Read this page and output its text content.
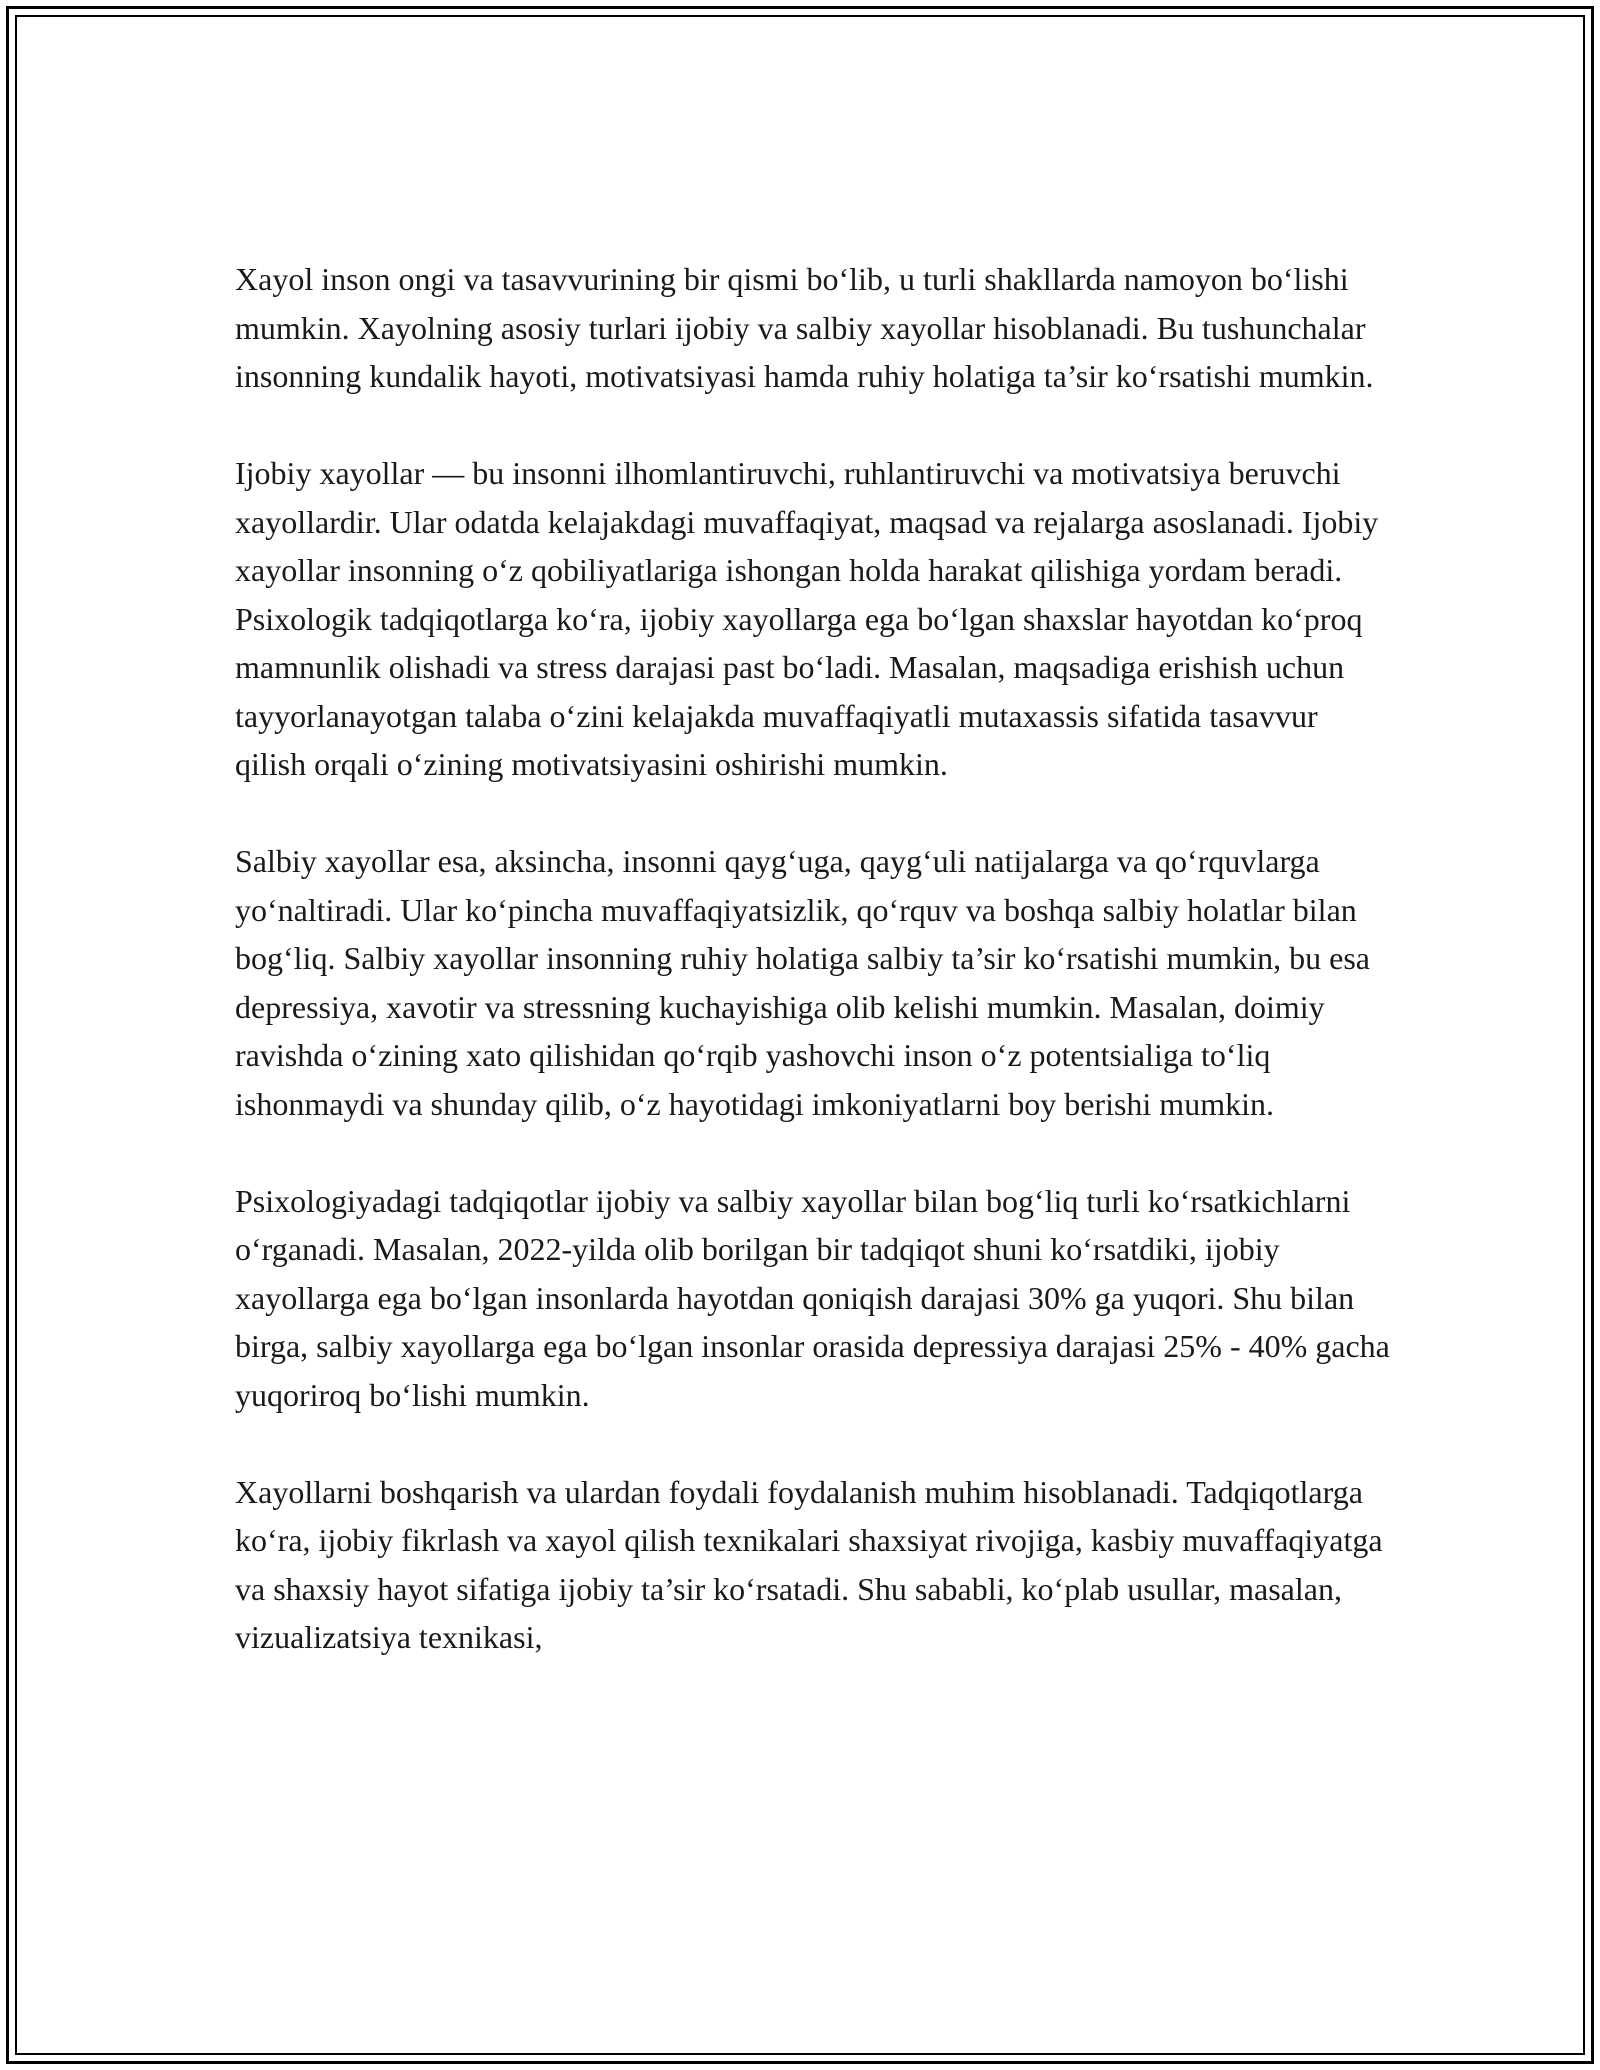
Xayol inson ongi va tasavvurining bir qismi bo‘lib, u turli shakllarda namoyon bo‘lishi mumkin. Xayolning asosiy turlari ijobiy va salbiy xayollar hisoblanadi. Bu tushunchalar insonning kundalik hayoti, motivatsiyasi hamda ruhiy holatiga ta’sir ko‘rsatishi mumkin.

Ijobiy xayollar — bu insonni ilhomlantiruvchi, ruhlantiruvchi va motivatsiya beruvchi xayollardir. Ular odatda kelajakdagi muvaffaqiyat, maqsad va rejalarga asoslanadi. Ijobiy xayollar insonning o‘z qobiliyatlariga ishongan holda harakat qilishiga yordam beradi. Psixologik tadqiqotlarga ko‘ra, ijobiy xayollarga ega bo‘lgan shaxslar hayotdan ko‘proq mamnunlik olishadi va stress darajasi past bo‘ladi. Masalan, maqsadiga erishish uchun tayyorlanayotgan talaba o‘zini kelajakda muvaffaqiyatli mutaxassis sifatida tasavvur qilish orqali o‘zining motivatsiyasini oshirishi mumkin.

Salbiy xayollar esa, aksincha, insonni qayg‘uga, qayg‘uli natijalarga va qo‘rquvlarga yo‘naltiradi. Ular ko‘pincha muvaffaqiyatsizlik, qo‘rquv va boshqa salbiy holatlar bilan bog‘liq. Salbiy xayollar insonning ruhiy holatiga salbiy ta’sir ko‘rsatishi mumkin, bu esa depressiya, xavotir va stressning kuchayishiga olib kelishi mumkin. Masalan, doimiy ravishda o‘zining xato qilishidan qo‘rqib yashovchi inson o‘z potentsialiga to‘liq ishonmaydi va shunday qilib, o‘z hayotidagi imkoniyatlarni boy berishi mumkin.

Psixologiyadagi tadqiqotlar ijobiy va salbiy xayollar bilan bog‘liq turli ko‘rsatkichlarni o‘rganadi. Masalan, 2022-yilda olib borilgan bir tadqiqot shuni ko‘rsatdiki, ijobiy xayollarga ega bo‘lgan insonlarda hayotdan qoniqish darajasi 30% ga yuqori. Shu bilan birga, salbiy xayollarga ega bo‘lgan insonlar orasida depressiya darajasi 25% - 40% gacha yuqoriroq bo‘lishi mumkin.

Xayollarni boshqarish va ulardan foydali foydalanish muhim hisoblanadi. Tadqiqotlarga ko‘ra, ijobiy fikrlash va xayol qilish texnikalari shaxsiyat rivojiga, kasbiy muvaffaqiyatga va shaxsiy hayot sifatiga ijobiy ta’sir ko‘rsatadi. Shu sababli, ko‘plab usullar, masalan, vizualizatsiya texnikasi,
